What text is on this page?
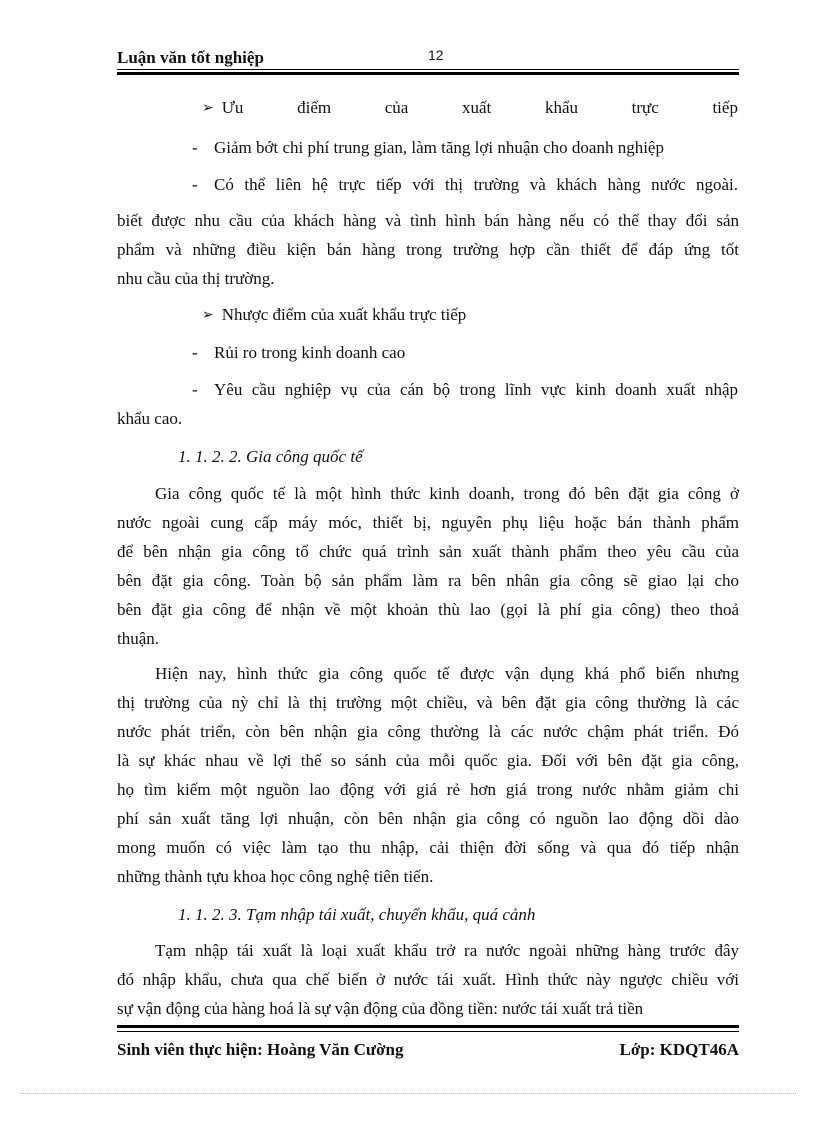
Luận văn tốt nghiệp	12
➢ Ưu	điểm	của	xuất	khẩu	trực	tiếp
- Giảm bớt chi phí trung gian, làm tăng lợi nhuận cho doanh nghiệp
- Có thể liên hệ trực tiếp với thị trường và khách hàng nước ngoài.
biết được nhu cầu của khách hàng và tình hình bán hàng nếu có thể thay đổi sản
phẩm và những điều kiện bán hàng trong trường hợp cần thiết để đáp ứng tốt
nhu cầu của thị trường.
➢ Nhược điểm của xuất khẩu trực tiếp
- Rủi ro trong kinh doanh cao
- Yêu cầu nghiệp vụ của cán bộ trong lĩnh vực kinh doanh xuất nhập
khẩu cao.
1. 1. 2. 2. Gia công quốc tế
Gia công quốc tế là một hình thức kinh doanh, trong đó bên đặt gia công ở
nước ngoài cung cấp máy móc, thiết bị, nguyên phụ liệu hoặc bán thành phẩm
để bên nhận gia công tổ chức quá trình sản xuất thành phẩm theo yêu cầu của
bên đặt gia công. Toàn bộ sản phẩm làm ra bên nhân gia công sẽ giao lại cho
bên đặt gia công để nhận về một khoản thù lao (gọi là phí gia công) theo thoả
thuận.
Hiện nay, hình thức gia công quốc tế được vận dụng khá phổ biến nhưng
thị trường của nỳ chỉ là thị trường một chiều, và bên đặt gia công thường là các
nước phát triển, còn bên nhận gia công thường là các nước chậm phát triển. Đó
là sự khác nhau về lợi thế so sánh của mỗi quốc gia. Đối với bên đặt gia công,
họ tìm kiếm một nguồn lao động với giá rẻ hơn giá trong nước nhằm giảm chi
phí sản xuất tăng lợi nhuận, còn bên nhận gia công có nguồn lao động dồi dào
mong muốn có việc làm tạo thu nhập, cải thiện đời sống và qua đó tiếp nhận
những thành tựu khoa học công nghệ tiên tiến.
1. 1. 2. 3. Tạm nhập tái xuất, chuyển khẩu, quá cảnh
Tạm nhập tái xuất là loại xuất khẩu trở ra nước ngoài những hàng trước đây
đó nhập khẩu, chưa qua chế biến ở nước tái xuất. Hình thức này ngược chiều với
sự vận động của hàng hoá là sự vận động của đồng tiền: nước tái xuất trả tiền
Sinh viên thực hiện: Hoàng Văn Cường	Lớp: KDQT46A
